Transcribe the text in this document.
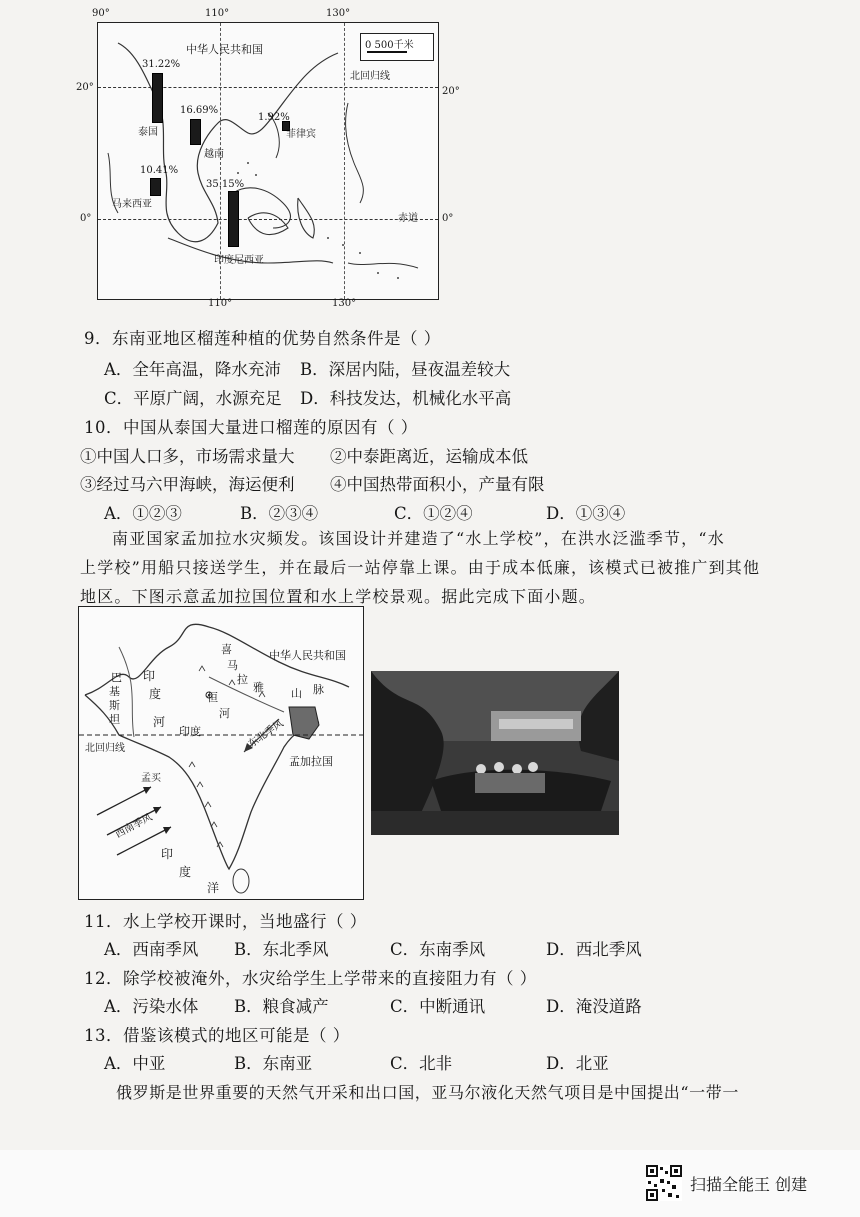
0 500千米
中华人民共和国
北回归线
赤道
31.22%
泰国
16.69%
越南
10.41%
马来西亚
1.92%
菲律宾
35.15%
印度尼西亚
90°	110°	130°
110°	130°
20°
0°
20°
0°
9．东南亚地区榴莲种植的优势自然条件是（ ）
A．全年高温，降水充沛 B．深居内陆，昼夜温差较大
C．平原广阔，水源充足 D．科技发达，机械化水平高
10．中国从泰国大量进口榴莲的原因有（ ）
①中国人口多，市场需求量大 ②中泰距离近，运输成本低
③经过马六甲海峡，海运便利 ④中国热带面积小，产量有限
A．①②③	B．②③④	C．①②④	D．①③④
南亚国家孟加拉水灾频发。该国设计并建造了“水上学校”，在洪水泛滥季节，“水
上学校”用船只接送学生，并在最后一站停靠上课。由于成本低廉，该模式已被推广到其他
地区。下图示意孟加拉国位置和水上学校景观。据此完成下面小题。
中华人民共和国
喜
马
拉
雅 山 脉
巴
基
斯
坦
印
度
河
恒
河
印度	东北季风
北回归线
孟加拉国
孟买
西南季风
印
度
洋
11．水上学校开课时，当地盛行（ ）
A．西南季风 B．东北季风	C．东南季风	D．西北季风
12．除学校被淹外，水灾给学生上学带来的直接阻力有（ ）
A．污染水体 B．粮食减产	C．中断通讯	D．淹没道路
13．借鉴该模式的地区可能是（ ）
A．中亚	B．东南亚	C．北非	D．北亚
俄罗斯是世界重要的天然气开采和出口国，亚马尔液化天然气项目是中国提出“一带一
扫描全能王 创建
